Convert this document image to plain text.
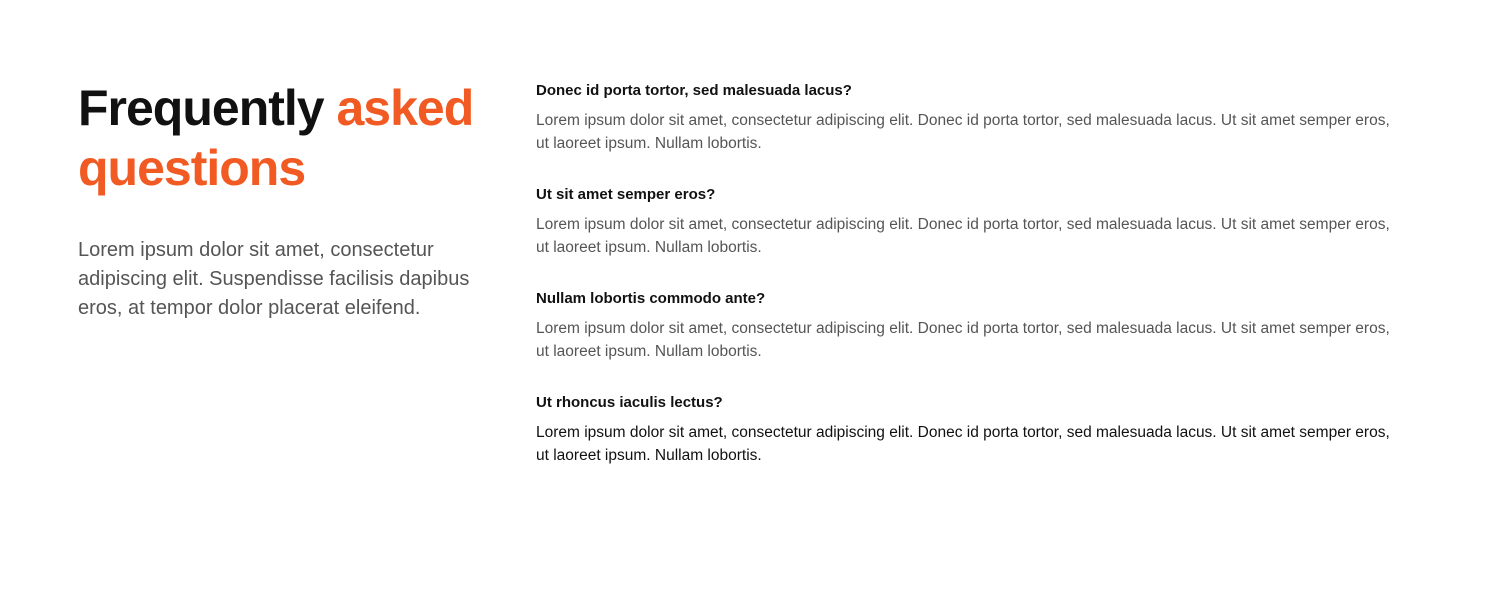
Frequently asked questions

Lorem ipsum dolor sit amet, consectetur adipiscing elit. Suspendisse facilisis dapibus eros, at tempor dolor placerat eleifend.

Donec id porta tortor, sed malesuada lacus?

Lorem ipsum dolor sit amet, consectetur adipiscing elit. Donec id porta tortor, sed malesuada lacus. Ut sit amet semper eros, ut laoreet ipsum. Nullam lobortis.

Ut sit amet semper eros?

Lorem ipsum dolor sit amet, consectetur adipiscing elit. Donec id porta tortor, sed malesuada lacus. Ut sit amet semper eros, ut laoreet ipsum. Nullam lobortis.

Nullam lobortis commodo ante?

Lorem ipsum dolor sit amet, consectetur adipiscing elit. Donec id porta tortor, sed malesuada lacus. Ut sit amet semper eros, ut laoreet ipsum. Nullam lobortis.

Ut rhoncus iaculis lectus?

Lorem ipsum dolor sit amet, consectetur adipiscing elit. Donec id porta tortor, sed malesuada lacus. Ut sit amet semper eros, ut laoreet ipsum. Nullam lobortis.
